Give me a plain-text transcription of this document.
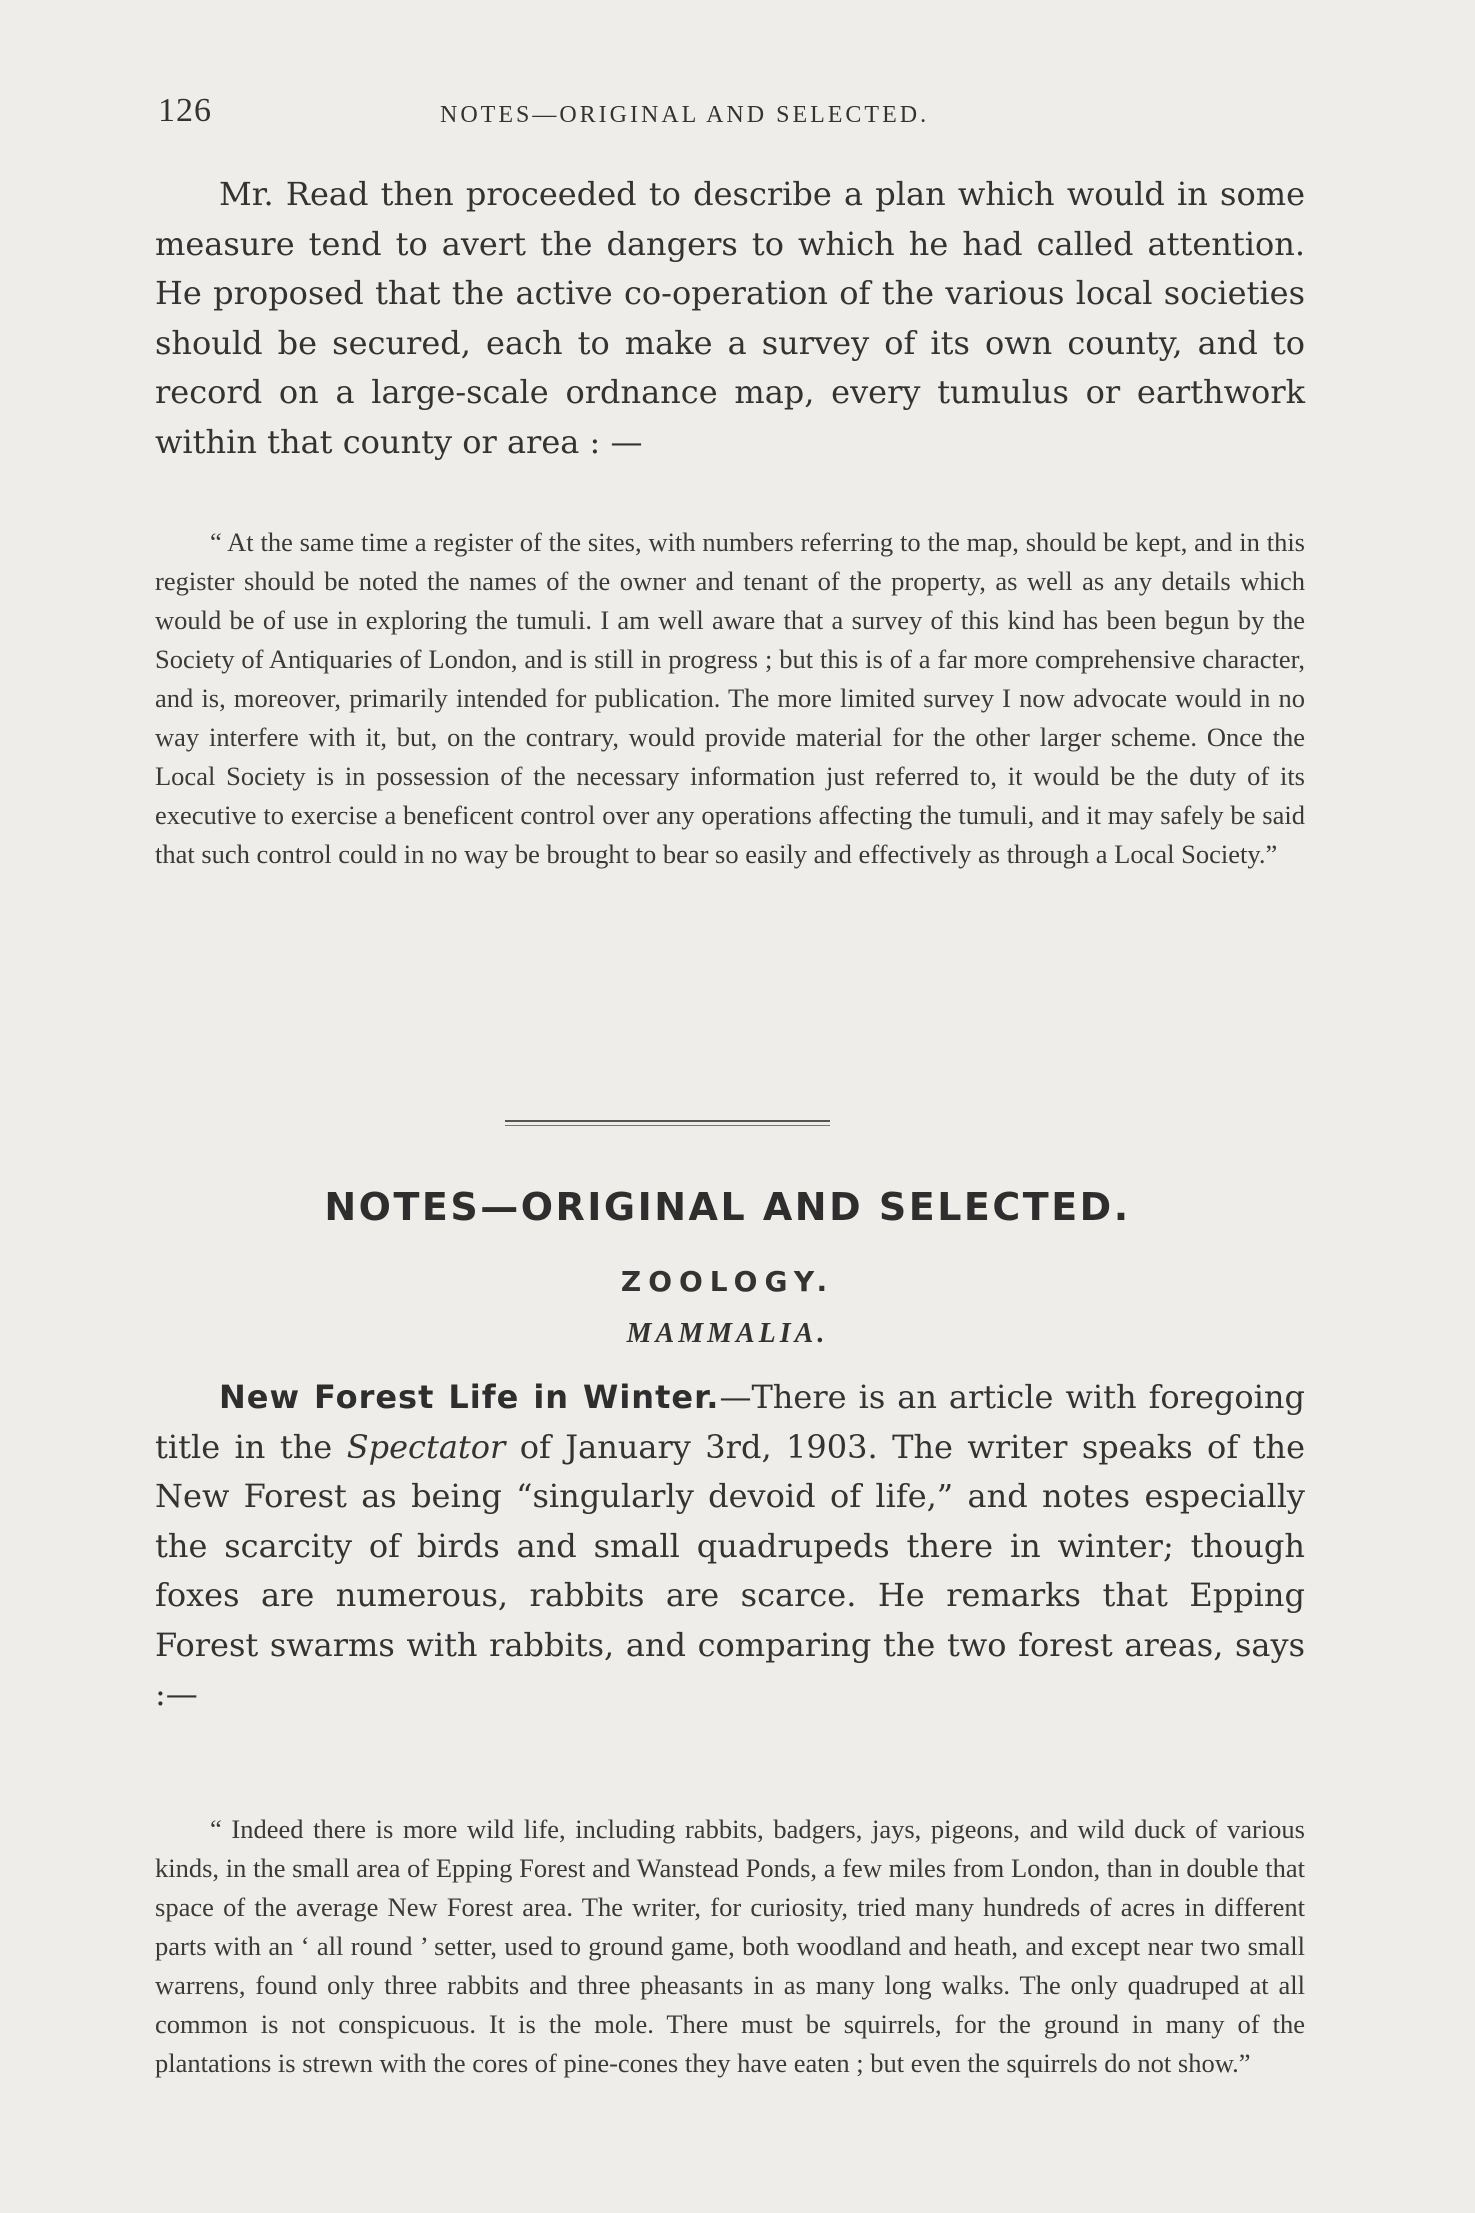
126	NOTES—ORIGINAL AND SELECTED.

Mr. Read then proceeded to describe a plan which would in some measure tend to avert the dangers to which he had called attention. He proposed that the active co-operation of the various local societies should be secured, each to make a survey of its own county, and to record on a large-scale ordnance map, every tumulus or earthwork within that county or area : —

“ At the same time a register of the sites, with numbers referring to the map, should be kept, and in this register should be noted the names of the owner and tenant of the property, as well as any details which would be of use in exploring the tumuli. I am well aware that a survey of this kind has been begun by the Society of Antiquaries of London, and is still in progress ; but this is of a far more comprehensive character, and is, moreover, primarily intended for publication. The more limited survey I now advocate would in no way interfere with it, but, on the contrary, would provide material for the other larger scheme. Once the Local Society is in possession of the necessary information just referred to, it would be the duty of its executive to exercise a beneficent control over any operations affecting the tumuli, and it may safely be said that such control could in no way be brought to bear so easily and effectively as through a Local Society.”

NOTES—ORIGINAL AND SELECTED.
ZOOLOGY.
MAMMALIA.

New Forest Life in Winter.—There is an article with foregoing title in the Spectator of January 3rd, 1903. The writer speaks of the New Forest as being “singularly devoid of life,” and notes especially the scarcity of birds and small quadrupeds there in winter; though foxes are numerous, rabbits are scarce. He remarks that Epping Forest swarms with rabbits, and comparing the two forest areas, says :—

“ Indeed there is more wild life, including rabbits, badgers, jays, pigeons, and wild duck of various kinds, in the small area of Epping Forest and Wanstead Ponds, a few miles from London, than in double that space of the average New Forest area. The writer, for curiosity, tried many hundreds of acres in different parts with an ‘ all round ’ setter, used to ground game, both woodland and heath, and except near two small warrens, found only three rabbits and three pheasants in as many long walks. The only quadruped at all common is not conspicuous. It is the mole. There must be squirrels, for the ground in many of the plantations is strewn with the cores of pine-cones they have eaten ; but even the squirrels do not show.”
